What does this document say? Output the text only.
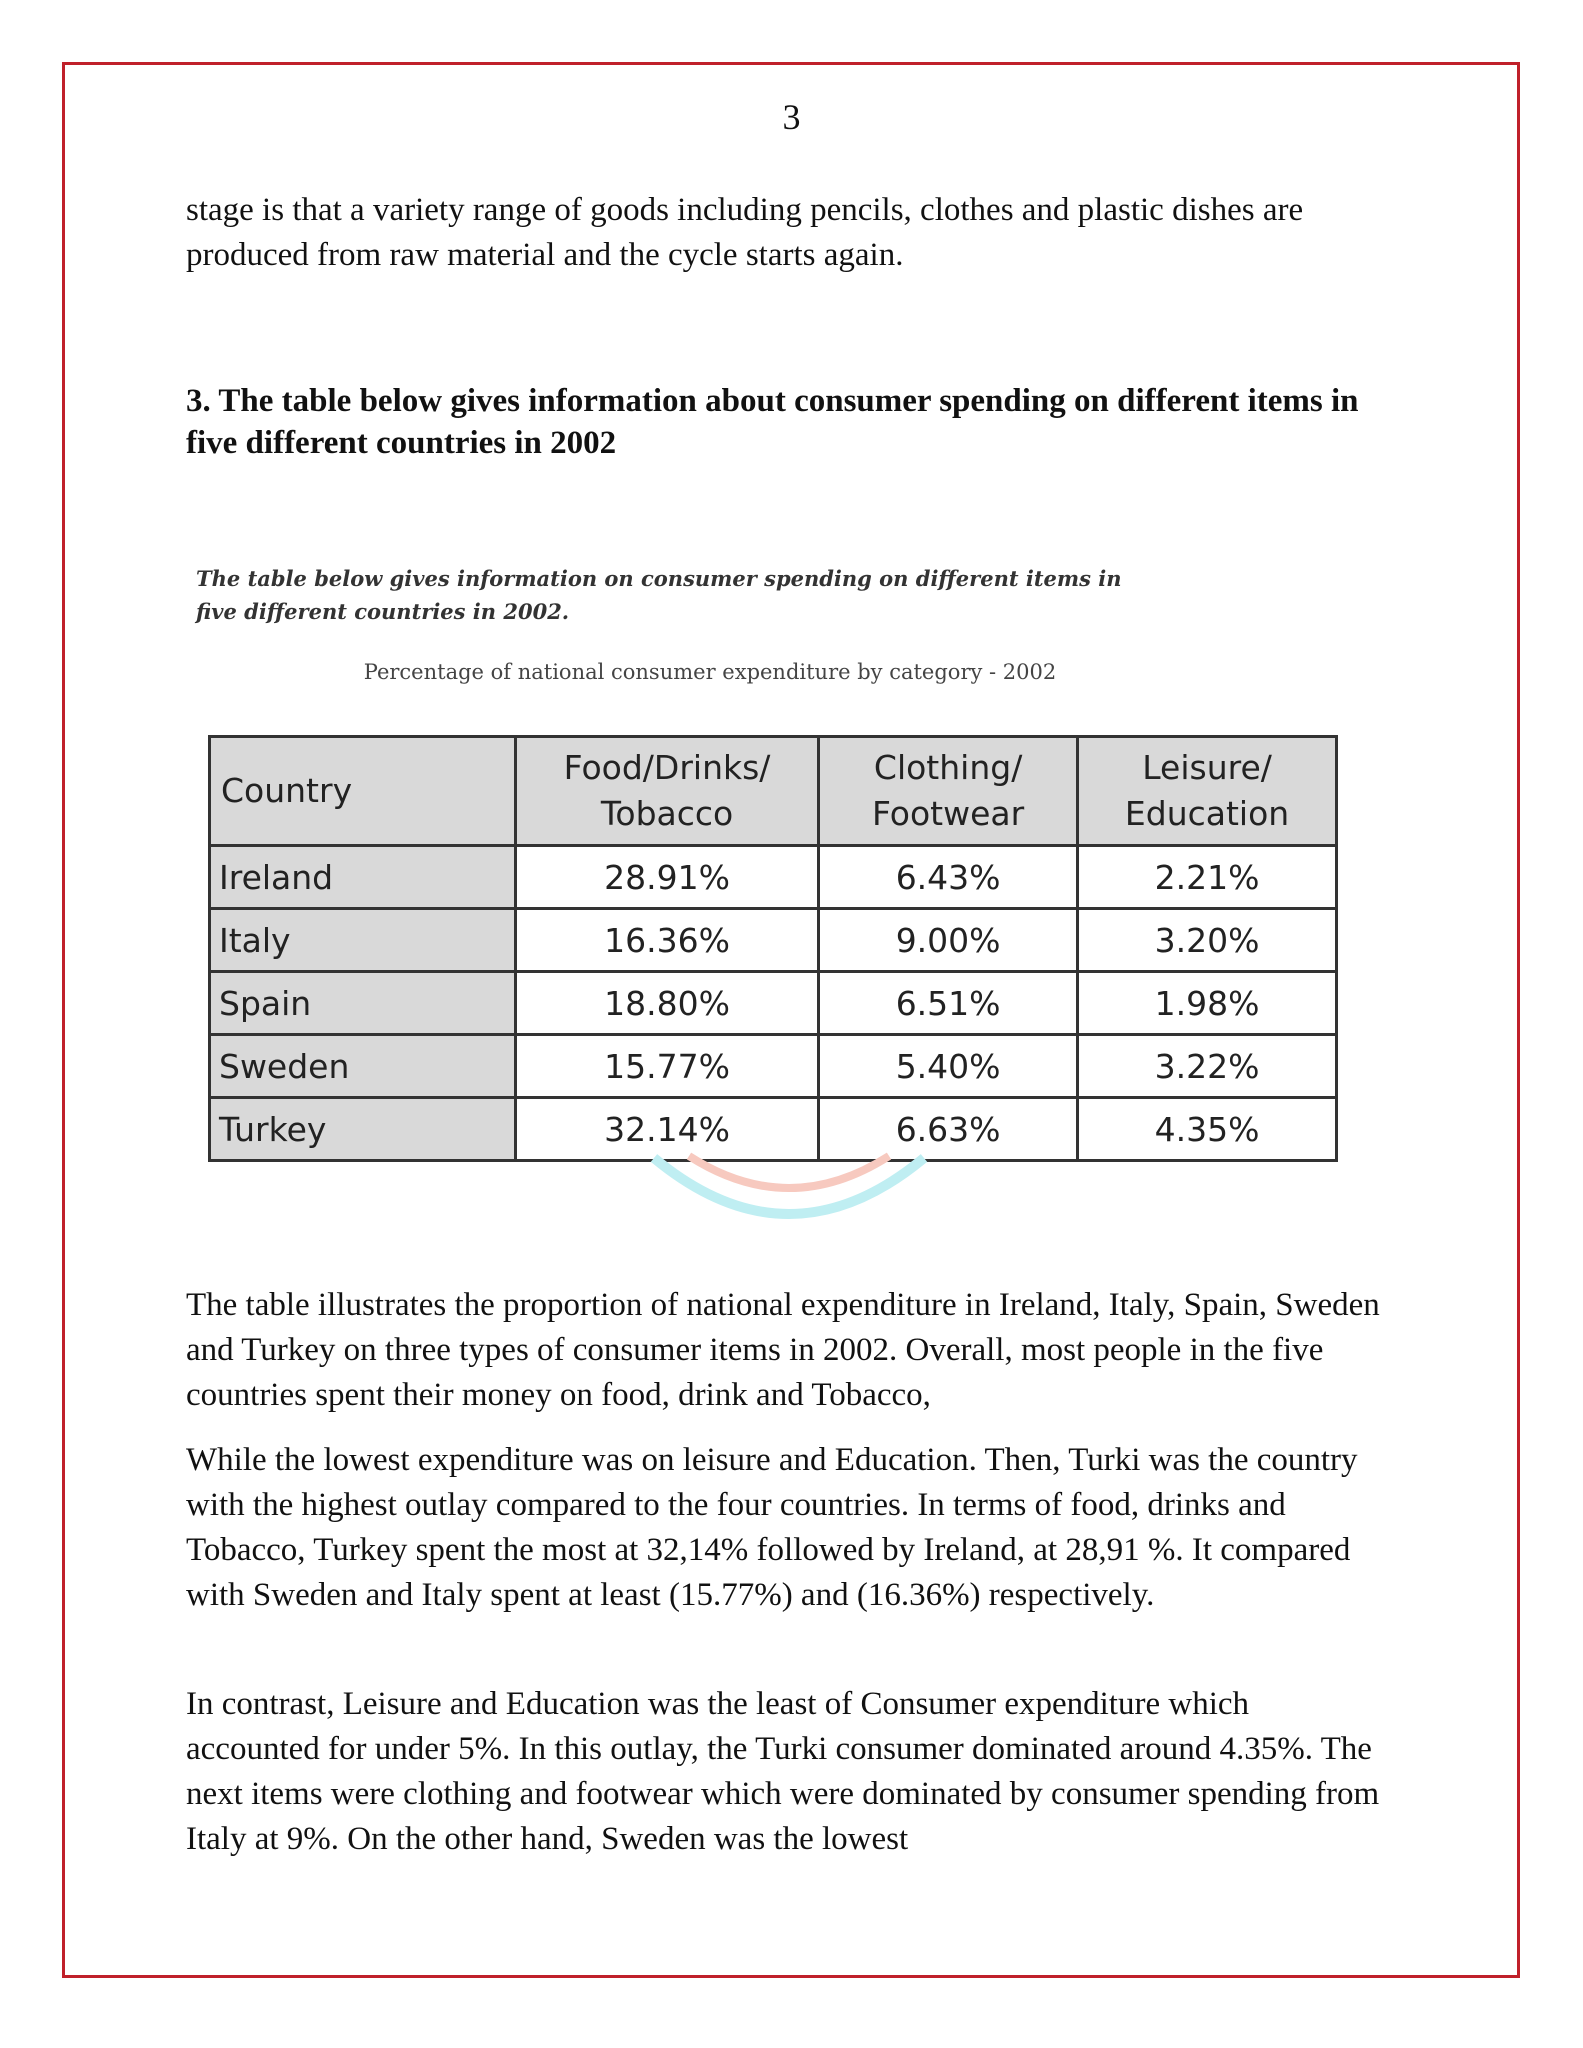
3

stage is that a variety range of goods including pencils, clothes and plastic dishes are produced from raw material and the cycle starts again.

3. The table below gives information about consumer spending on different items in five different countries in 2002

The table below gives information on consumer spending on different items in five different countries in 2002.
Percentage of national consumer expenditure by category - 2002
Country	Food/Drinks/ Tobacco	Clothing/ Footwear	Leisure/ Education
Ireland	28.91%	6.43%	2.21%
Italy	16.36%	9.00%	3.20%
Spain	18.80%	6.51%	1.98%
Sweden	15.77%	5.40%	3.22%
Turkey	32.14%	6.63%	4.35%

The table illustrates the proportion of national expenditure in Ireland, Italy, Spain, Sweden and Turkey on three types of consumer items in 2002. Overall, most people in the five countries spent their money on food, drink and Tobacco,

While the lowest expenditure was on leisure and Education. Then, Turki was the country with the highest outlay compared to the four countries. In terms of food, drinks and Tobacco, Turkey spent the most at 32,14% followed by Ireland, at 28,91 %. It compared with Sweden and Italy spent at least (15.77%) and (16.36%) respectively.

In contrast, Leisure and Education was the least of Consumer expenditure which accounted for under 5%. In this outlay, the Turki consumer dominated around 4.35%. The next items were clothing and footwear which were dominated by consumer spending from Italy at 9%. On the other hand, Sweden was the lowest
